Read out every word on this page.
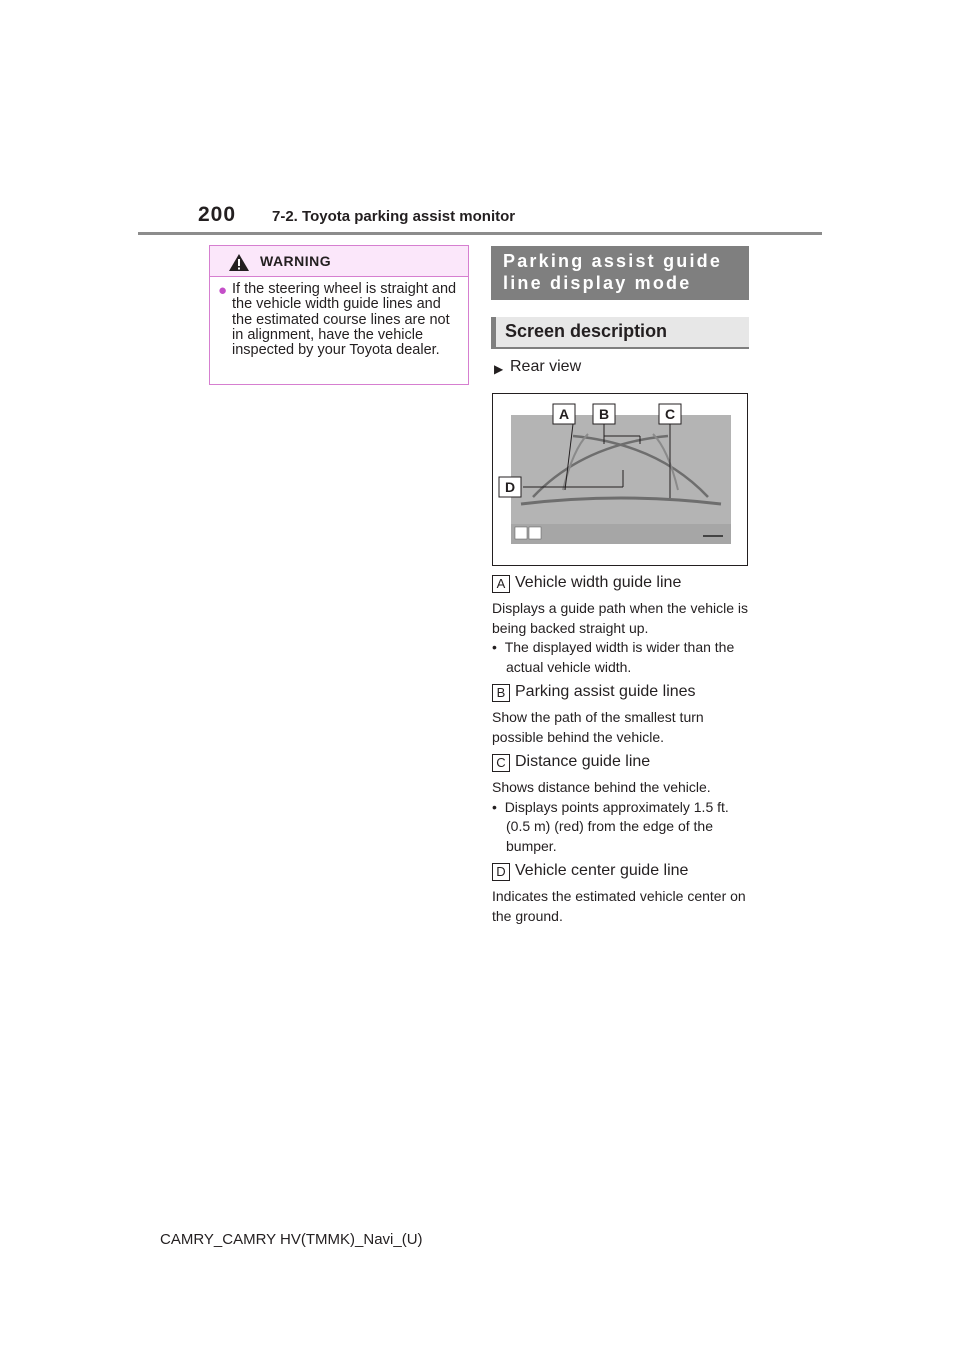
200 7-2. Toyota parking assist monitor
WARNING
● If the steering wheel is straight and the vehicle width guide lines and the estimated course lines are not in alignment, have the vehicle inspected by your Toyota dealer.
Parking assist guide line display mode
Screen description
▶ Rear view
A B	C
D
A Vehicle width guide line
Displays a guide path when the vehicle is being backed straight up.
•  The displayed width is wider than the actual vehicle width.
B Parking assist guide lines
Show the path of the smallest turn possible behind the vehicle.
C Distance guide line
Shows distance behind the vehicle.
•  Displays points approximately 1.5 ft. (0.5 m) (red) from the edge of the bumper.
D Vehicle center guide line
Indicates the estimated vehicle center on the ground.
CAMRY_CAMRY HV(TMMK)_Navi_(U)
